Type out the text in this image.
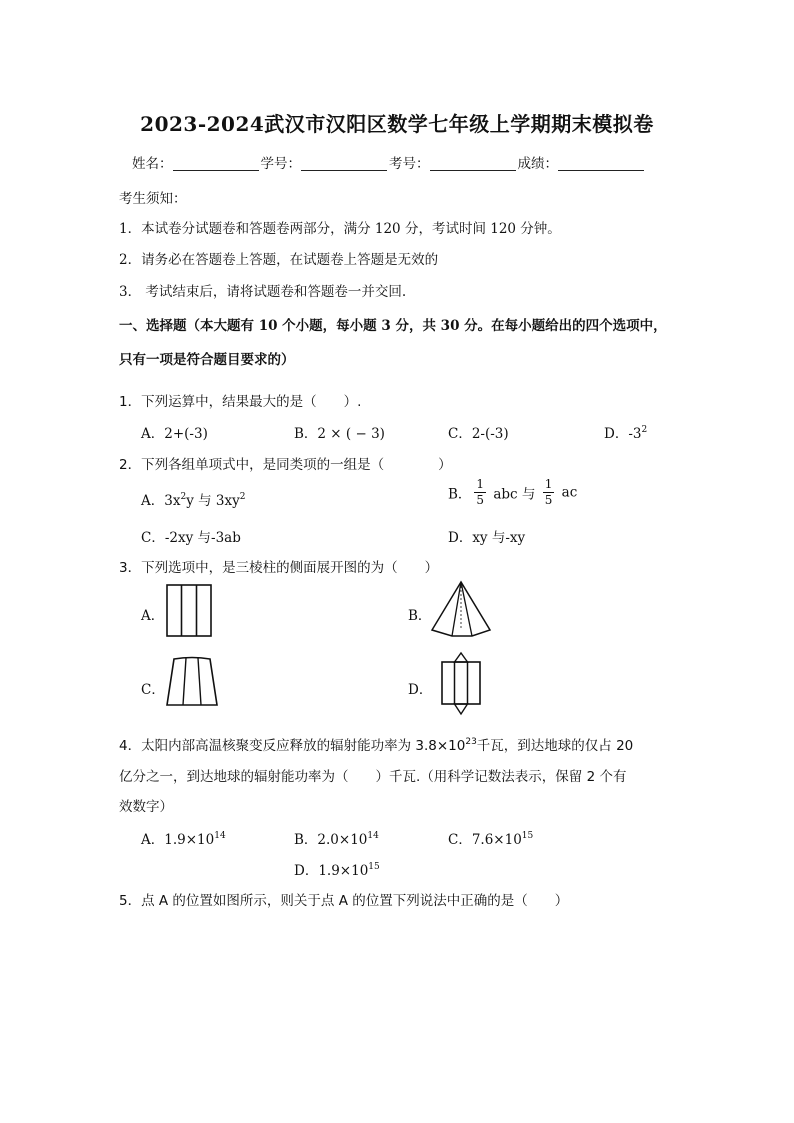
2023-2024武汉市汉阳区数学七年级上学期期末模拟卷
姓名：	学号：	考号：	成绩：
考生须知：
1．本试卷分试题卷和答题卷两部分，满分 120 分，考试时间 120 分钟。
2．请务必在答题卷上答题，在试题卷上答题是无效的
3． 考试结束后，请将试题卷和答题卷一并交回.
一、选择题（本大题有 10 个小题，每小题 3 分，共 30 分。在每小题给出的四个选项中，
只有一项是符合题目要求的）
1．下列运算中，结果最大的是（　　）.
A．2+(-3)	B．2 × ( − 3)	C．2-(-3)	D．$-3^2$
2．下列各组单项式中，是同类项的一组是（　　　　）
A．$3x^2y$ 与 $3xy^2$	B． $\frac{1}{5}$ abc 与 $\frac{1}{5}$ ac
C．-2xy 与-3ab	D．xy 与-xy
3．下列选项中，是三棱柱的侧面展开图的为（　　）
A．	B．
C．	D．
4．太阳内部高温核聚变反应释放的辐射能功率为 $3.8\times 10^{23}$千瓦，到达地球的仅占 20
亿分之一，到达地球的辐射能功率为（　　）千瓦.（用科学记数法表示，保留 2 个有
效数字）
A．$1.9\times 10^{14}$	B．$2.0\times 10^{14}$	C．$7.6\times 10^{15}$
D．$1.9\times 10^{15}$
5．点 A 的位置如图所示，则关于点 A 的位置下列说法中正确的是（　　）
